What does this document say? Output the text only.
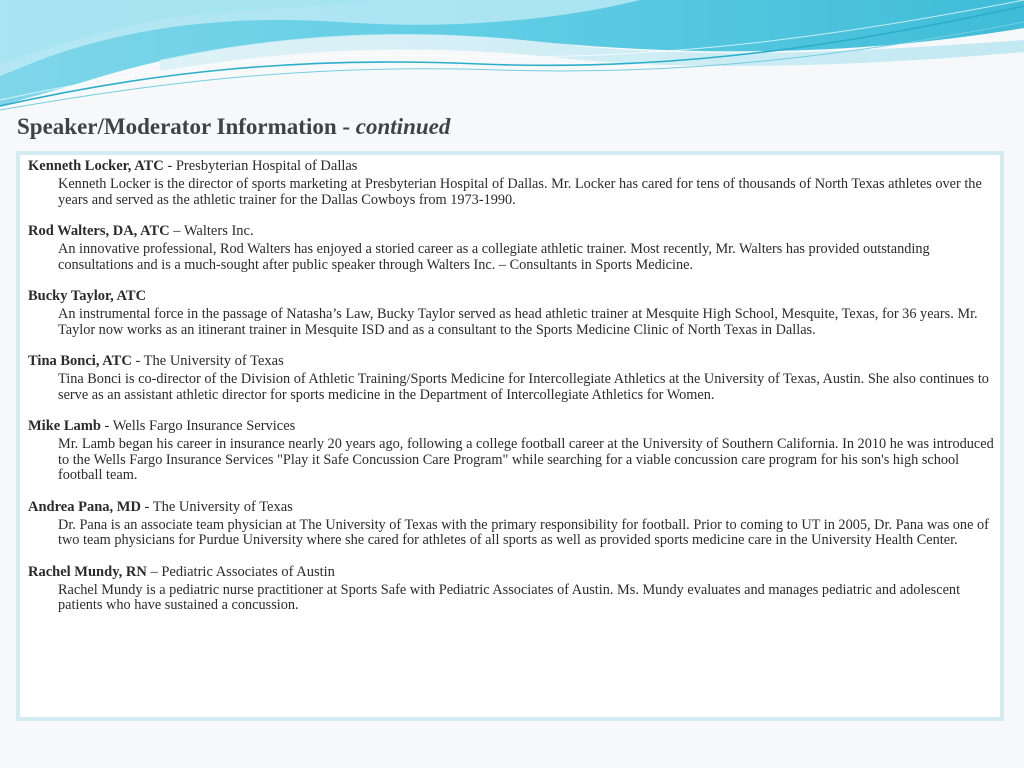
Speaker/Moderator Information - continued
Kenneth Locker, ATC - Presbyterian Hospital of Dallas
Kenneth Locker is the director of sports marketing at Presbyterian Hospital of Dallas. Mr. Locker has cared for tens of thousands of North Texas athletes over the years and served as the athletic trainer for the Dallas Cowboys from 1973-1990.
Rod Walters, DA, ATC – Walters Inc.
An innovative professional, Rod Walters has enjoyed a storied career as a collegiate athletic trainer. Most recently, Mr. Walters has provided outstanding consultations and is a much-sought after public speaker through Walters Inc. – Consultants in Sports Medicine.
Bucky Taylor, ATC
An instrumental force in the passage of Natasha’s Law, Bucky Taylor served as head athletic trainer at Mesquite High School, Mesquite, Texas, for 36 years. Mr. Taylor now works as an itinerant trainer in Mesquite ISD and as a consultant to the Sports Medicine Clinic of North Texas in Dallas.
Tina Bonci, ATC - The University of Texas
Tina Bonci is co-director of the Division of Athletic Training/Sports Medicine for Intercollegiate Athletics at the University of Texas, Austin. She also continues to serve as an assistant athletic director for sports medicine in the Department of Intercollegiate Athletics for Women.
Mike Lamb - Wells Fargo Insurance Services
Mr. Lamb began his career in insurance nearly 20 years ago, following a college football career at the University of Southern California. In 2010 he was introduced to the Wells Fargo Insurance Services "Play it Safe Concussion Care Program" while searching for a viable concussion care program for his son's high school football team.
Andrea Pana, MD - The University of Texas
Dr. Pana is an associate team physician at The University of Texas with the primary responsibility for football. Prior to coming to UT in 2005, Dr. Pana was one of two team physicians for Purdue University where she cared for athletes of all sports as well as provided sports medicine care in the University Health Center.
Rachel Mundy, RN – Pediatric Associates of Austin
Rachel Mundy is a pediatric nurse practitioner at Sports Safe with Pediatric Associates of Austin. Ms. Mundy evaluates and manages pediatric and adolescent patients who have sustained a concussion.
